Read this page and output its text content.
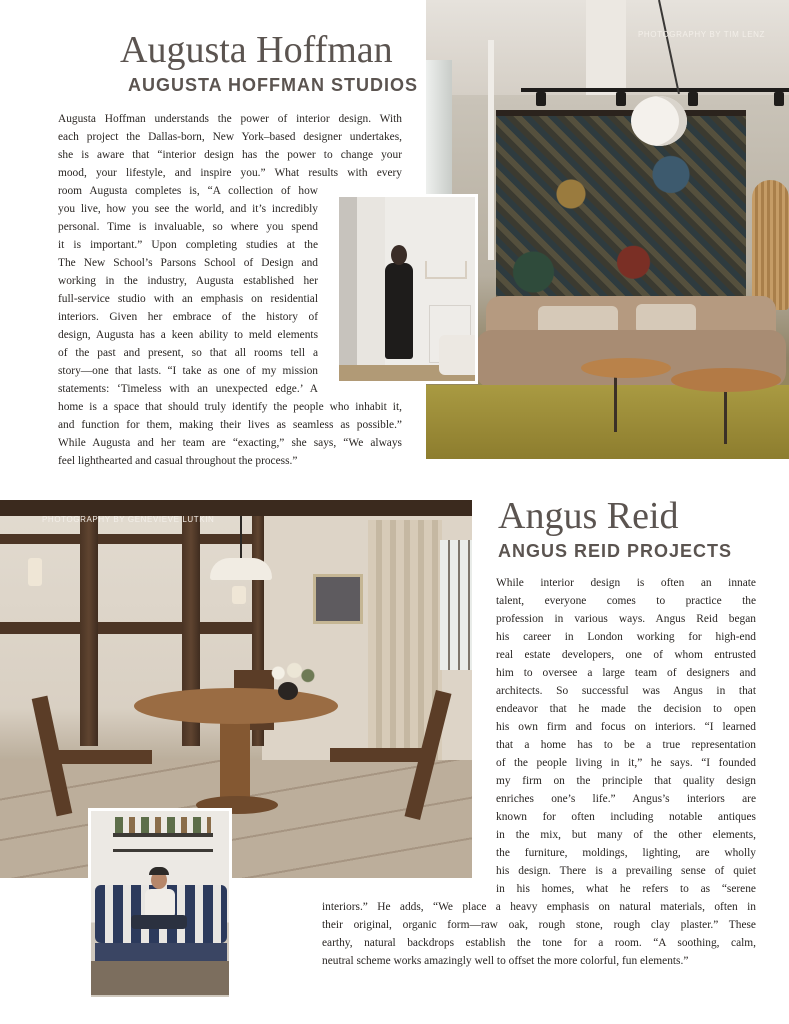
PHOTOGRAPHY BY TIM LENZ
Augusta Hoffman
AUGUSTA HOFFMAN STUDIOS

Augusta Hoffman understands the power of interior design. With

each project the Dallas-born, New York–based designer undertakes,

she is aware that “interior design has the power to change your

mood, your lifestyle, and inspire you.” What results with every

room Augusta completes is, “A collection of how

you live, how you see the world, and it’s incredibly

personal. Time is invaluable, so where you spend

it is important.” Upon completing studies at the

The New School’s Parsons School of Design and

working in the industry, Augusta established her

full-service studio with an emphasis on residential

interiors. Given her embrace of the history of

design, Augusta has a keen ability to meld elements

of the past and present, so that all rooms tell a

story—one that lasts. “I take as one of my mission

statements: ‘Timeless with an unexpected edge.’ A

home is a space that should truly identify the people who inhabit it,

and function for them, making their lives as seamless as possible.”

While Augusta and her team are “exacting,” she says, “We always

feel lighthearted and casual throughout the process.”

PHOTOGRAPHY BY GENEVIEVE LUTKIN	Angus Reid
ANGUS REID PROJECTS

While interior design is often an innate

talent, everyone comes to practice the

profession in various ways. Angus Reid began

his career in London working for high-end

real estate developers, one of whom entrusted

him to oversee a large team of designers and

architects. So successful was Angus in that

endeavor that he made the decision to open

his own firm and focus on interiors. “I learned

that a home has to be a true representation

of the people living in it,” he says. “I founded

my firm on the principle that quality design

enriches one’s life.” Angus’s interiors are

known for often including notable antiques

in the mix, but many of the other elements,

the furniture, moldings, lighting, are wholly

his design. There is a prevailing sense of quiet

in his homes, what he refers to as “serene

interiors.” He adds, “We place a heavy emphasis on natural materials, often in

their original, organic form—raw oak, rough stone, rough clay plaster.” These

earthy, natural backdrops establish the tone for a room. “A soothing, calm,

neutral scheme works amazingly well to offset the more colorful, fun elements.”
